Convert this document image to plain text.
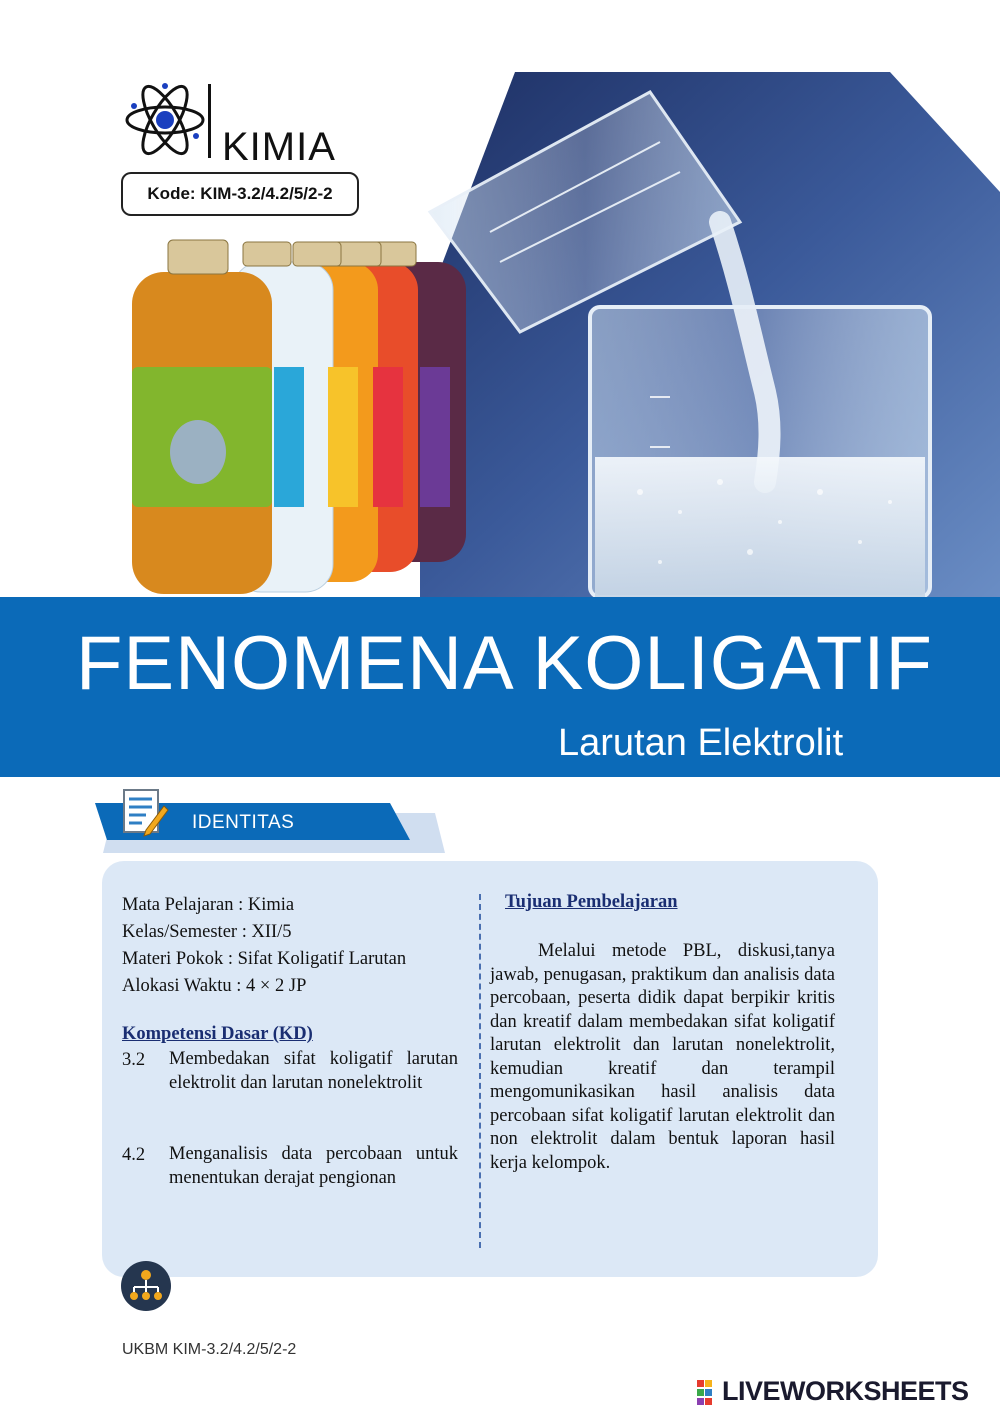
KIMIA
Kode: KIM-3.2/4.2/5/2-2
FENOMENA KOLIGATIF
Larutan Elektrolit
IDENTITAS
Mata Pelajaran : Kimia
Kelas/Semester : XII/5
Materi Pokok : Sifat Koligatif Larutan
Alokasi Waktu : 4 × 2 JP
Kompetensi Dasar (KD)
3.2	Membedakan sifat koligatif larutan elektrolit dan larutan nonelektrolit
4.2	Menganalisis data percobaan untuk menentukan derajat pengionan
Tujuan Pembelajaran
Melalui metode PBL, diskusi,tanya jawab, penugasan, praktikum dan analisis data percobaan, peserta didik dapat berpikir kritis dan kreatif dalam membedakan sifat koligatif larutan elektrolit dan larutan nonelektrolit, kemudian kreatif dan terampil mengomunikasikan hasil analisis data percobaan sifat koligatif larutan elektrolit dan non elektrolit dalam bentuk laporan hasil kerja kelompok.
UKBM KIM-3.2/4.2/5/2-2
LIVEWORKSHEETS
